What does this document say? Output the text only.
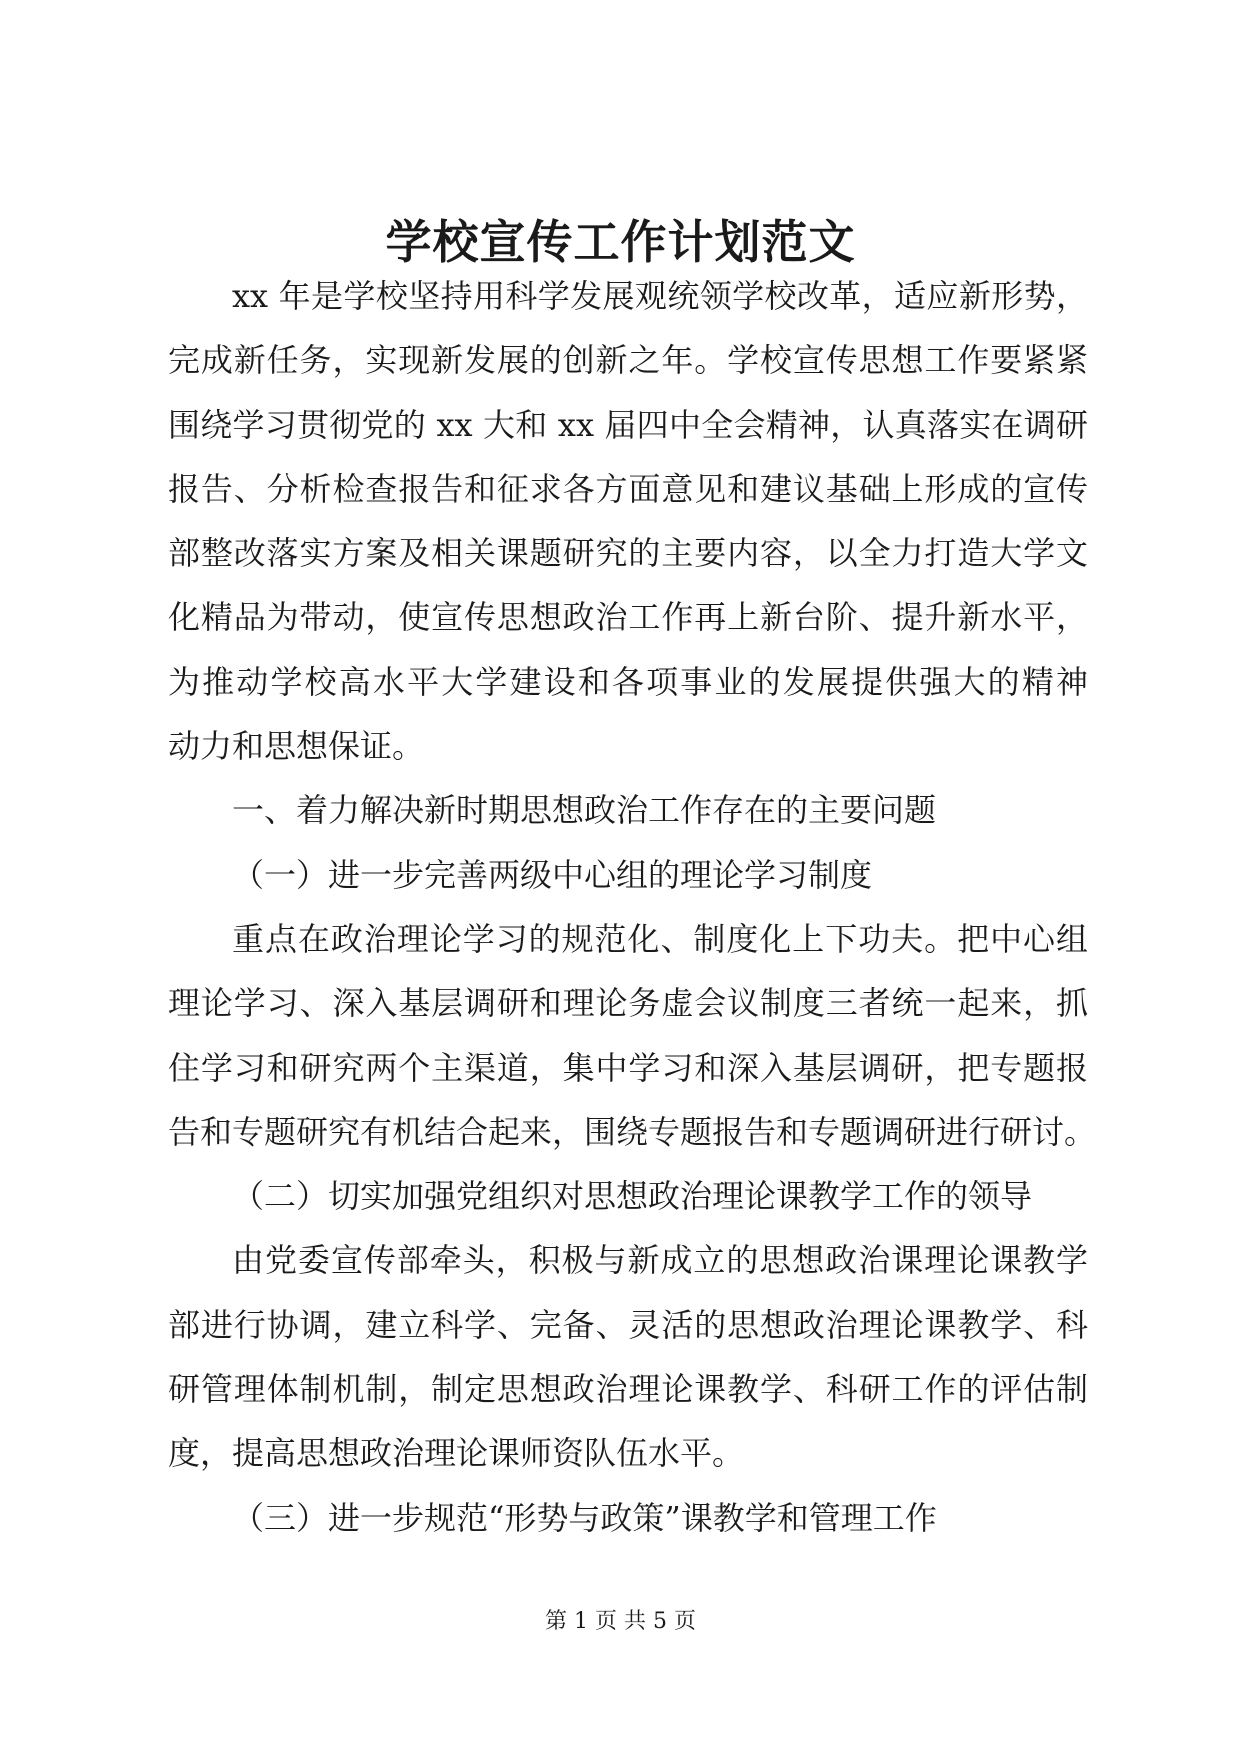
学校宣传工作计划范文
xx 年是学校坚持用科学发展观统领学校改革，适应新形势，
完成新任务，实现新发展的创新之年。学校宣传思想工作要紧紧
围绕学习贯彻党的 xx 大和 xx 届四中全会精神，认真落实在调研
报告、分析检查报告和征求各方面意见和建议基础上形成的宣传
部整改落实方案及相关课题研究的主要内容，以全力打造大学文
化精品为带动，使宣传思想政治工作再上新台阶、提升新水平，
为推动学校高水平大学建设和各项事业的发展提供强大的精神
动力和思想保证。
一、着力解决新时期思想政治工作存在的主要问题
（一）进一步完善两级中心组的理论学习制度
重点在政治理论学习的规范化、制度化上下功夫。把中心组
理论学习、深入基层调研和理论务虚会议制度三者统一起来，抓
住学习和研究两个主渠道，集中学习和深入基层调研，把专题报
告和专题研究有机结合起来，围绕专题报告和专题调研进行研讨。
（二）切实加强党组织对思想政治理论课教学工作的领导
由党委宣传部牵头，积极与新成立的思想政治课理论课教学
部进行协调，建立科学、完备、灵活的思想政治理论课教学、科
研管理体制机制，制定思想政治理论课教学、科研工作的评估制
度，提高思想政治理论课师资队伍水平。
（三）进一步规范“形势与政策”课教学和管理工作
第 1 页 共 5 页
